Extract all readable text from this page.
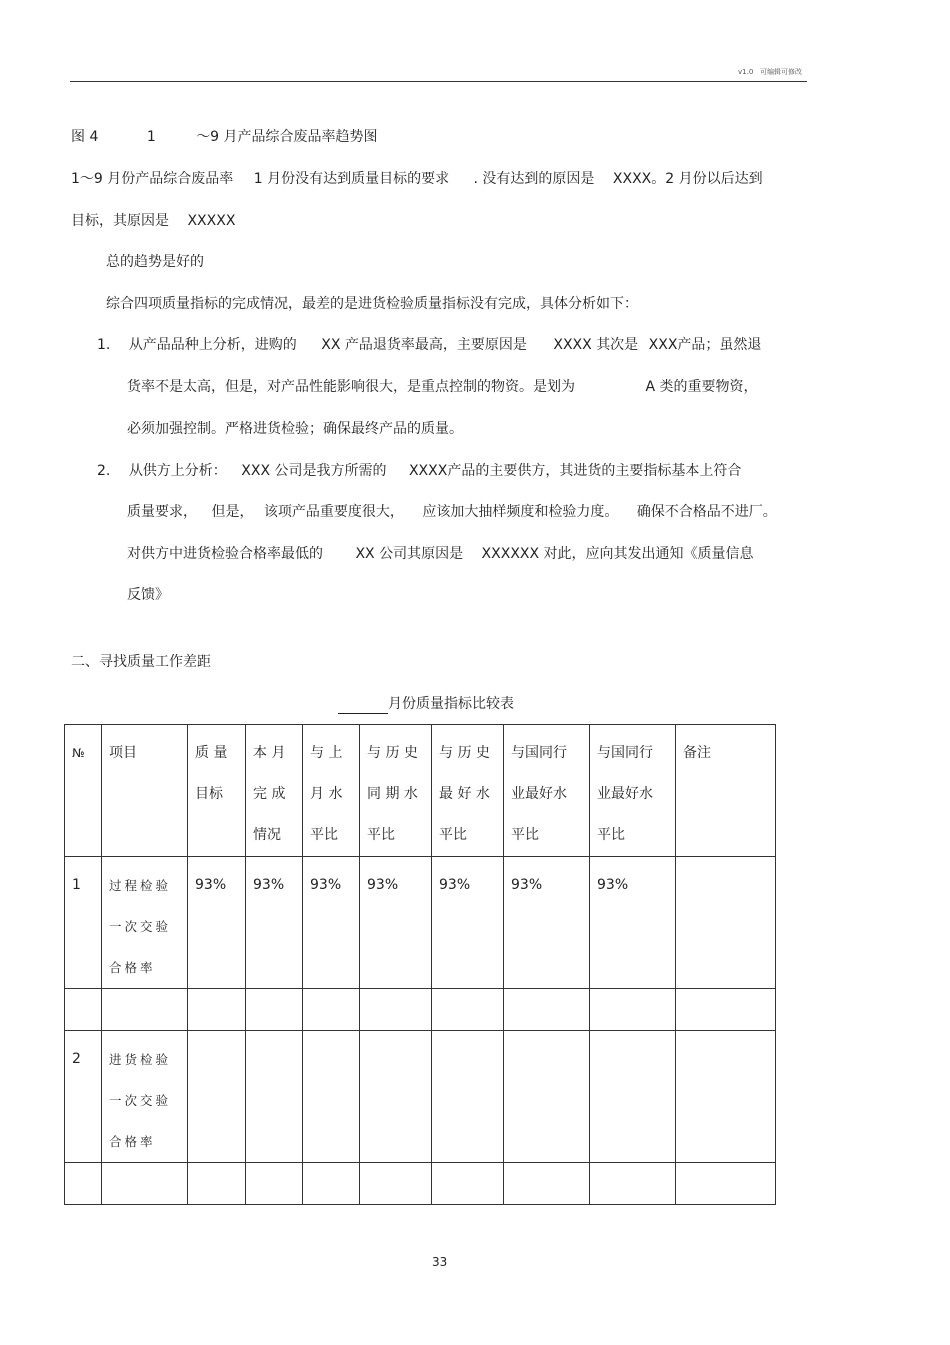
v1.0 可编辑可修改
图 4	1	～9 月产品综合废品率趋势图
1～9 月份产品综合废品率 1 月份没有达到质量目标的要求 . 没有达到的原因是 XXXX。2 月份以后达到
目标，其原因是 XXXXX
总的趋势是好的
综合四项质量指标的完成情况，最差的是进货检验质量指标没有完成，具体分析如下：
1. 从产品品种上分析，进购的 XX 产品退货率最高，主要原因是 XXXX 其次是 XXX产品；虽然退
货率不是太高，但是，对产品性能影响很大，是重点控制的物资。是划为	A 类的重要物资，
必须加强控制。严格进货检验；确保最终产品的质量。
2. 从供方上分析： XXX 公司是我方所需的 XXXX产品的主要供方，其进货的主要指标基本上符合
质量要求， 但是， 该项产品重要度很大， 应该加大抽样频度和检验力度。 确保不合格品不进厂。
对供方中进货检验合格率最低的 XX 公司其原因是 XXXXXX 对此，应向其发出通知《质量信息
反馈》
二、寻找质量工作差距
月份质量指标比较表
№	项目	质 量 目标	本 月 完 成 情况	与 上 月 水 平比	与 历 史 同 期 水 平比	与 历 史 最 好 水 平比	与国同行 业最好水 平比	与国同行 业最好水 平比	备注

1	过程检验一次交验合格率	93%	93%	93%	93%	93%	93%	93%	

2	进货检验一次交验合格率								

33
